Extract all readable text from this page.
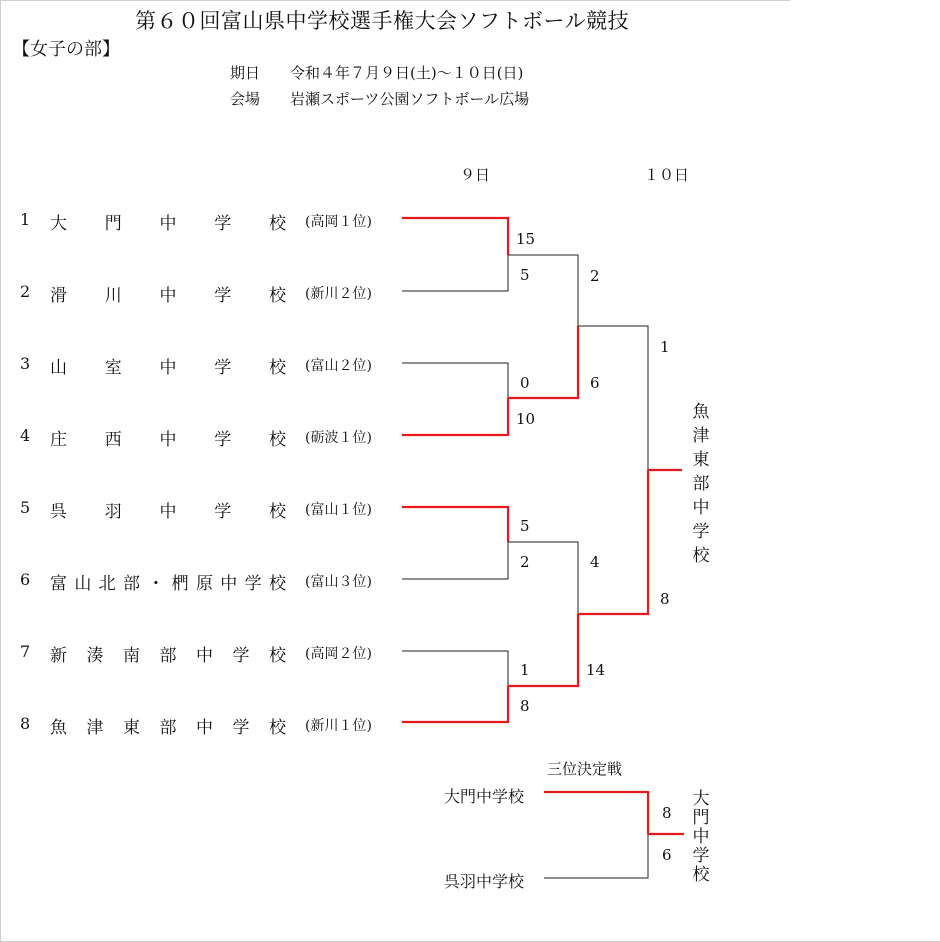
第６０回富山県中学校選手権大会ソフトボール競技
【女子の部】
期日 令和４年７月９日(土)～１０日(日)
会場 岩瀬スポーツ公園ソフトボール広場
９日	１０日
1 大 門 中 学 校 (高岡１位)
2 滑 川 中 学 校 (新川２位)
3 山 室 中 学 校 (富山２位)
4 庄 西 中 学 校 (砺波１位)
5 呉 羽 中 学 校 (富山１位)
6 富 山 北 部 ・ 椚 原 中 学 校 (富山３位)
7 新 湊 南 部 中 学 校 (高岡２位)
8 魚 津 東 部 中 学 校 (新川１位)
15
5
0
10
5
2
1
8
2
6
4
14
1
8
魚津東部中学校
三位決定戦
大門中学校
呉羽中学校
8
6
大門中学校
